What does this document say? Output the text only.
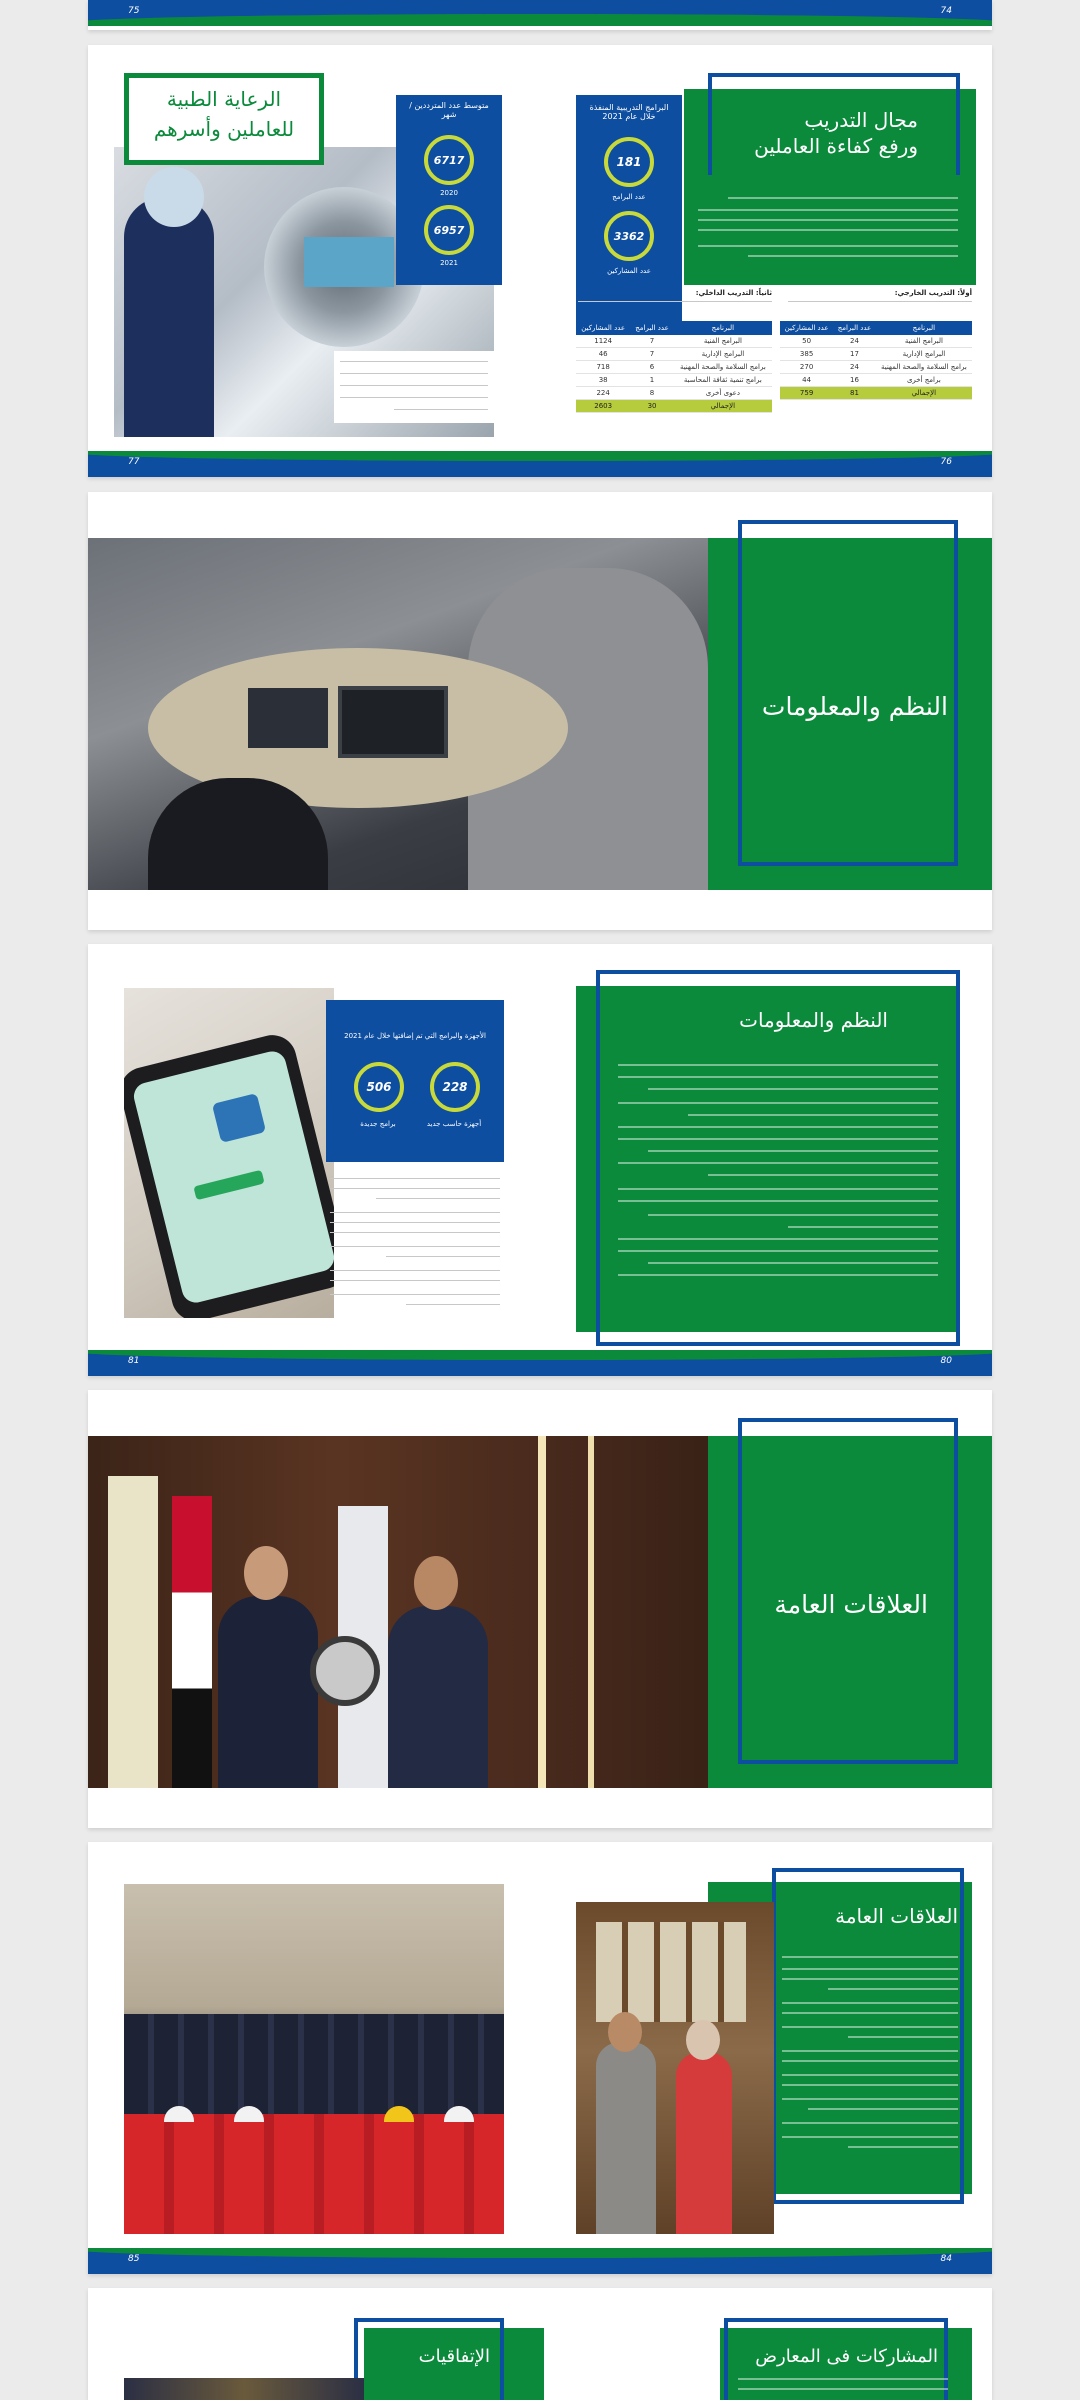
75	74
مجال التدريب
ورفع كفاءة العاملين
البرامج التدريبية المنفذة خلال عام 2021
181
عدد البرامج
3362
عدد المشاركين
أولاً: التدريب الخارجي:
البرنامج	عدد البرامج	عدد المشاركين
البرامج الفنية	24	50
البرامج الإدارية	17	385
برامج السلامة والصحة المهنية	24	270
برامج أخرى	16	44
الإجمالي	81	759
ثانياً: التدريب الداخلي:
البرنامج	عدد البرامج	عدد المشاركين
البرامج الفنية	7	1124
البرامج الإدارية	7	46
برامج السلامة والصحة المهنية	6	718
برامج تنمية ثقافة المحاسبة	1	38
دعوى أخرى	8	224
الإجمالي	30	2603
متوسط عدد المترددين / شهر
6717
2020
6957
2021
الرعاية الطبية
للعاملين وأسرهم
77	76
النظم والمعلومات
النظم والمعلومات
الأجهزة والبرامج التي تم إضافتها خلال عام 2021
228
أجهزة حاسب جديد
506
برامج جديدة
81	80
العلاقات العامة
العلاقات العامة
85	84
المشاركات فى المعارض
الإتفاقيات
